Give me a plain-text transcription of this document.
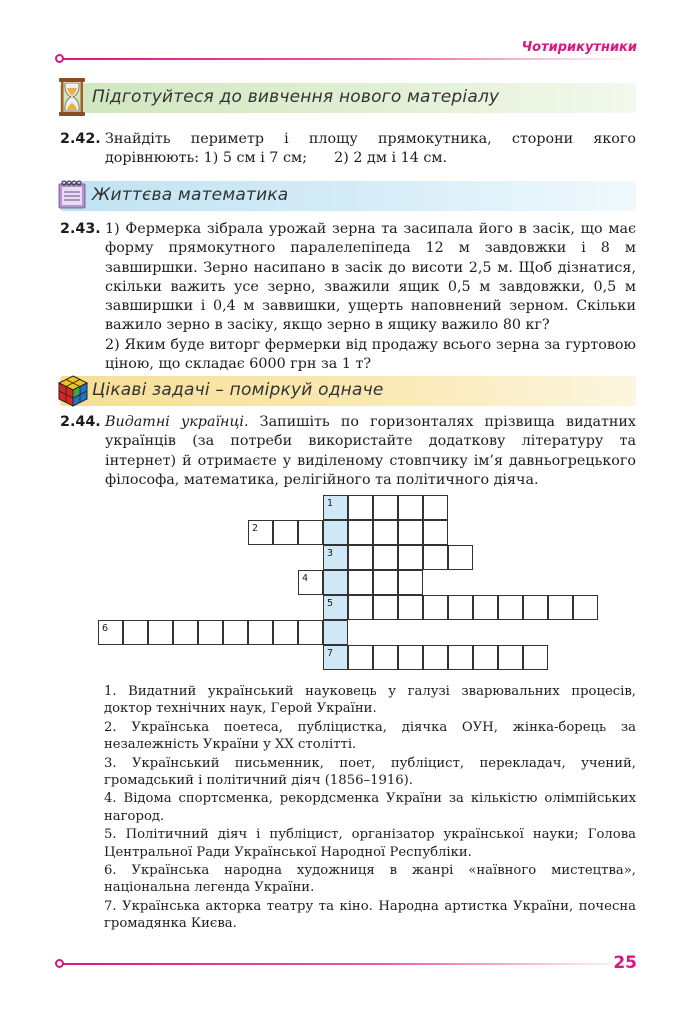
Чотирикутники
Підготуйтеся до вивчення нового матеріалу
2.42. Знайдіть периметр і площу прямокутника, сторони якого дорівнюють: 1) 5 см і 7 см;      2) 2 дм і 14 см.

Життєва математика
2.43. 1) Фермерка зібрала урожай зерна та засипала його в засік, що має форму прямокутного паралелепіпеда 12 м завдовжки і 8 м завширшки. Зерно насипано в засік до висоти 2,5 м. Щоб дізнатися, скільки важить усе зерно, зважили ящик 0,5 м завдовжки, 0,5 м завширшки і 0,4 м заввишки, ущерть наповнений зерном. Скільки важило зерно в засіку, якщо зерно в ящику важило 80 кг?

2) Яким буде виторг фермерки від продажу всього зерна за гуртовою ціною, що складає 6000 грн за 1 т?

Цікаві задачі – поміркуй одначе
2.44. Видатні українці. Запишіть по горизонталях прізвища видатних українців (за потреби використайте додаткову літературу та інтернет) й отримаєте у виділеному стовпчику ім’я давньогрецького філософа, математика, релігійного та політичного діяча.

1
2
3
4
5
6
7

1. Видатний український науковець у галузі зварювальних процесів, доктор технічних наук, Герой України.

2. Українська поетеса, публіцистка, діячка ОУН, жінка-борець за незалежність України у ХХ столітті.

3. Український письменник, поет, публіцист, перекладач, учений, громадський і політичний діяч (1856–1916).

4. Відома спортсменка, рекордсменка України за кількістю олімпійських нагород.

5. Політичний діяч і публіцист, організатор української науки; Голова Центральної Ради Української Народної Республіки.

6. Українська народна художниця в жанрі «наївного мистецтва», національна легенда України.

7. Українська акторка театру та кіно. Народна артистка України, почесна громадянка Києва.

25
